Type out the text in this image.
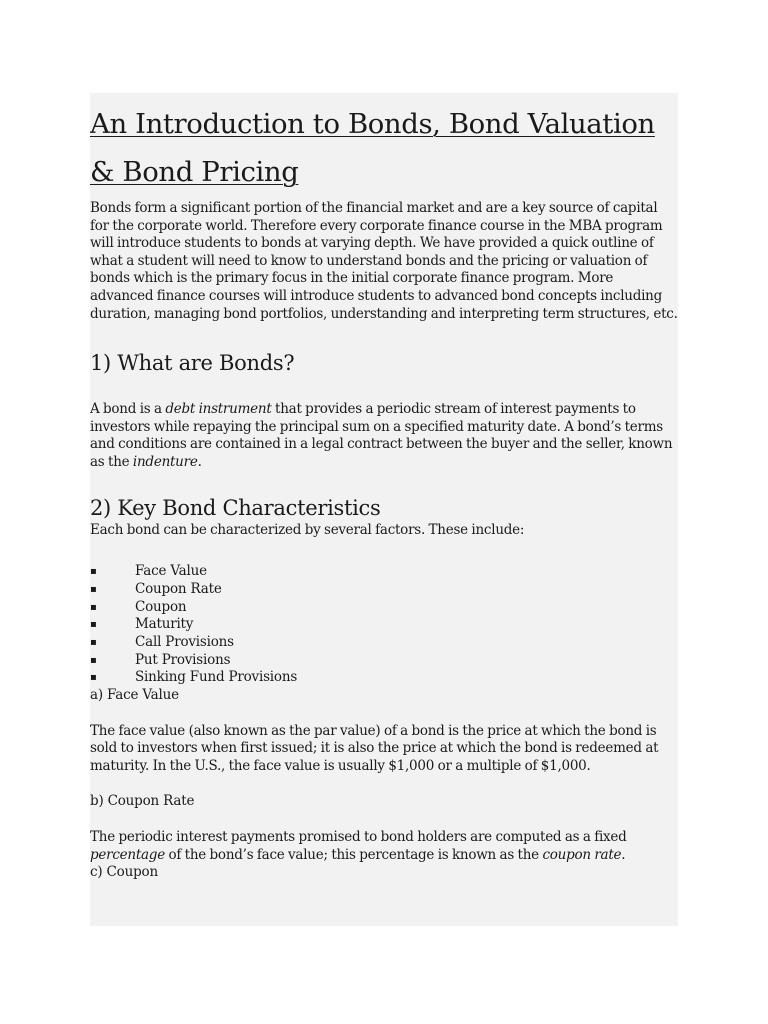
An Introduction to Bonds, Bond Valuation
& Bond Pricing

Bonds form a significant portion of the financial market and are a key source of capital for the corporate world. Therefore every corporate finance course in the MBA program will introduce students to bonds at varying depth. We have provided a quick outline of what a student will need to know to understand bonds and the pricing or valuation of bonds which is the primary focus in the initial corporate finance program. More advanced finance courses will introduce students to advanced bond concepts including duration, managing bond portfolios, understanding and interpreting term structures, etc.

1) What are Bonds?

A bond is a debt instrument that provides a periodic stream of interest payments to investors while repaying the principal sum on a specified maturity date. A bond’s terms and conditions are contained in a legal contract between the buyer and the seller, known as the indenture.

2) Key Bond Characteristics

Each bond can be characterized by several factors. These include:

▪	Face Value
▪	Coupon Rate
▪	Coupon
▪	Maturity
▪	Call Provisions
▪	Put Provisions
▪	Sinking Fund Provisions

a) Face Value

The face value (also known as the par value) of a bond is the price at which the bond is sold to investors when first issued; it is also the price at which the bond is redeemed at maturity. In the U.S., the face value is usually $1,000 or a multiple of $1,000.

b) Coupon Rate

The periodic interest payments promised to bond holders are computed as a fixed percentage of the bond’s face value; this percentage is known as the coupon rate.

c) Coupon
